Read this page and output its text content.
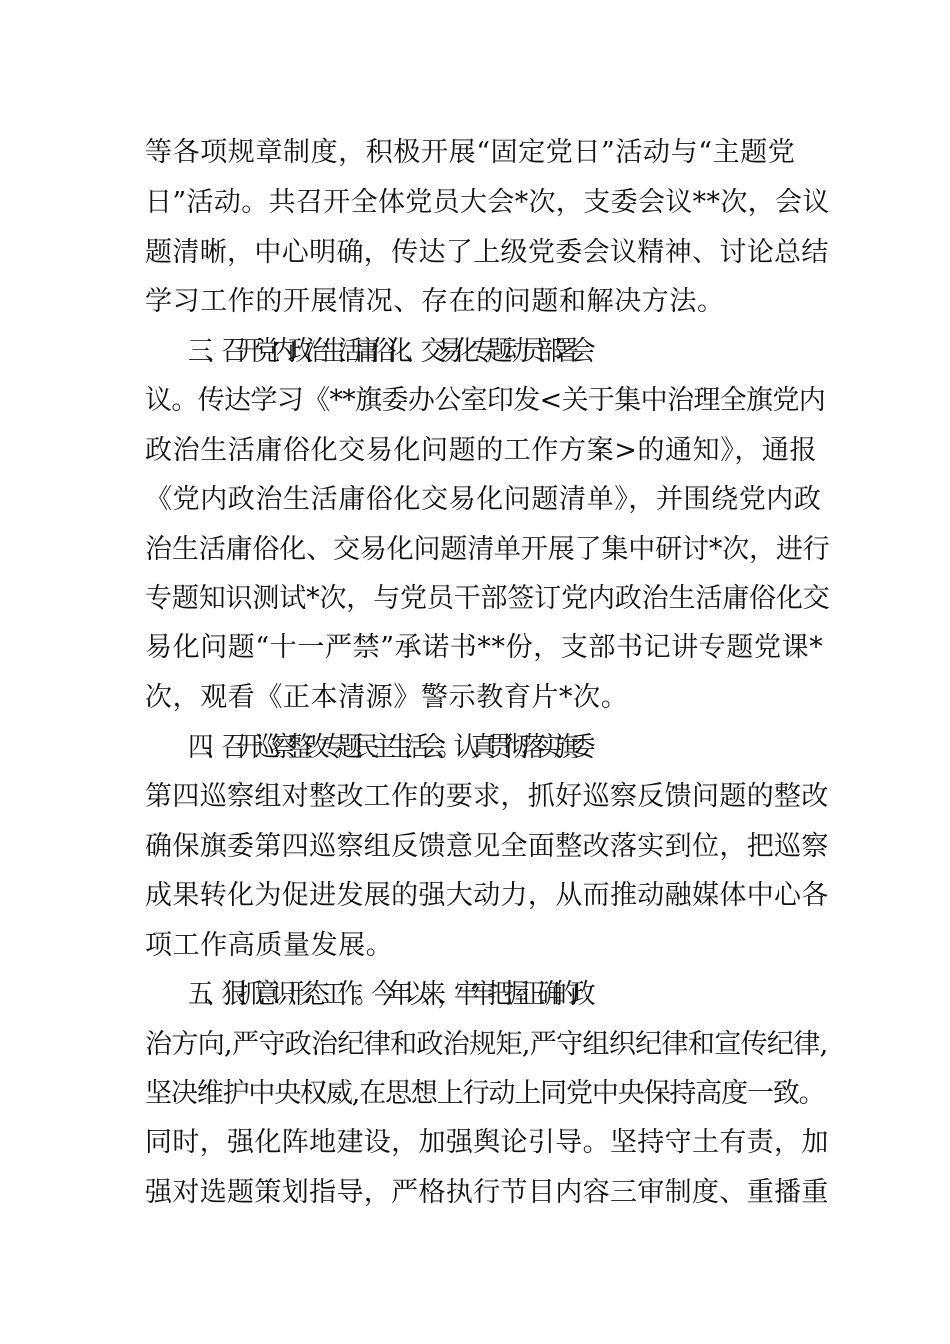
等各项规章制度，积极开展“固定党日”活动与“主题党
日”活动。共召开全体党员大会*次，支委会议**次，会议
题清晰，中心明确，传达了上级党委会议精神、讨论总结
学习工作的开展情况、存在的问题和解决方法。
三、召开党内政治生活庸俗化、交易化专题动员部署会
议。传达学习《**旗委办公室印发<关于集中治理全旗党内
政治生活庸俗化交易化问题的工作方案>的通知》，通报
《党内政治生活庸俗化交易化问题清单》，并围绕党内政
治生活庸俗化、交易化问题清单开展了集中研讨*次，进行
专题知识测试*次，与党员干部签订党内政治生活庸俗化交
易化问题“十一严禁”承诺书**份，支部书记讲专题党课*
次，观看《正本清源》警示教育片*次。
四、召开巡察整改专题民主生活会。认真贯彻落实旗委
第四巡察组对整改工作的要求，抓好巡察反馈问题的整改
确保旗委第四巡察组反馈意见全面整改落实到位，把巡察
成果转化为促进发展的强大动力，从而推动融媒体中心各
项工作高质量发展。
五、狠抓意识形态工作。今年以来，牢牢把握正确的政
治方向,严守政治纪律和政治规矩,严守组织纪律和宣传纪律,
坚决维护中央权威,在思想上行动上同党中央保持高度一致。
同时，强化阵地建设，加强舆论引导。坚持守土有责，加
强对选题策划指导，严格执行节目内容三审制度、重播重
